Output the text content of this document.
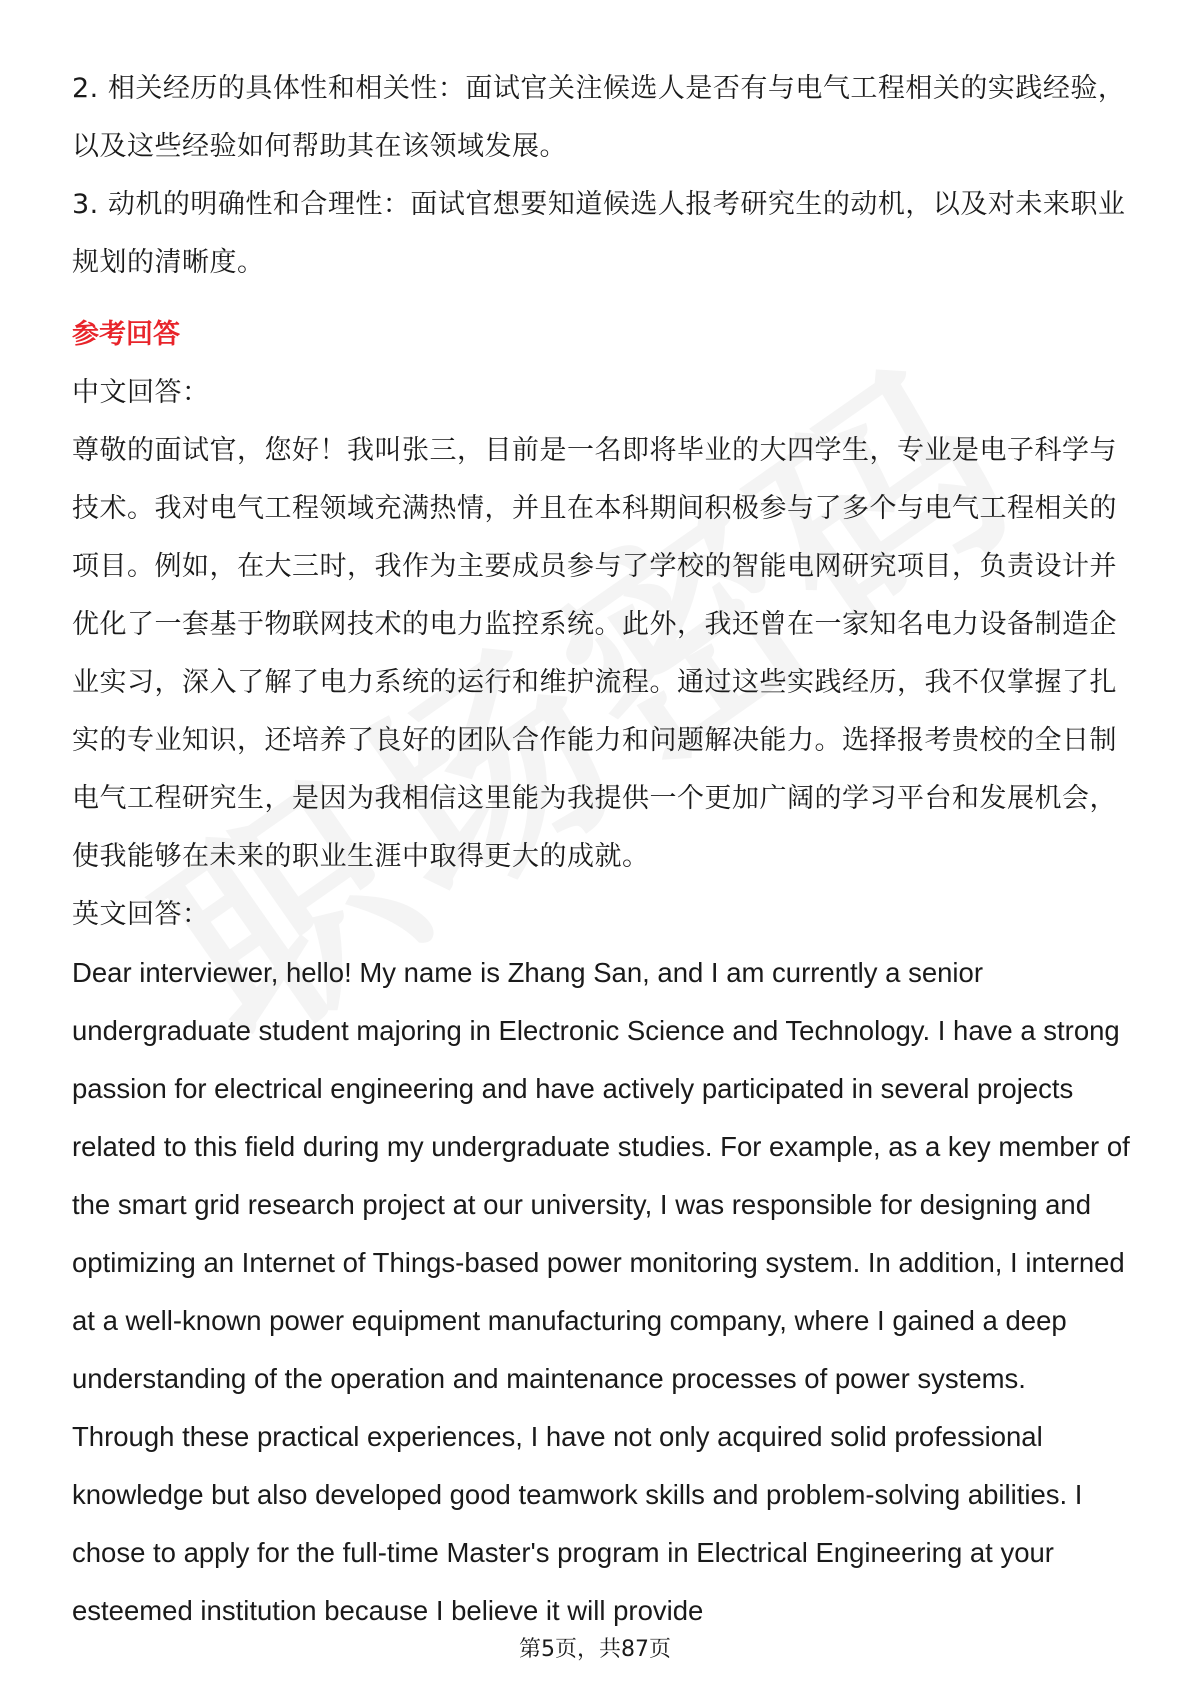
2. 相关经历的具体性和相关性：面试官关注候选人是否有与电气工程相关的实践经验，以及这些经验如何帮助其在该领域发展。

3. 动机的明确性和合理性：面试官想要知道候选人报考研究生的动机，以及对未来职业规划的清晰度。

参考回答

中文回答：

尊敬的面试官，您好！我叫张三，目前是一名即将毕业的大四学生，专业是电子科学与技术。我对电气工程领域充满热情，并且在本科期间积极参与了多个与电气工程相关的项目。例如，在大三时，我作为主要成员参与了学校的智能电网研究项目，负责设计并优化了一套基于物联网技术的电力监控系统。此外，我还曾在一家知名电力设备制造企业实习，深入了解了电力系统的运行和维护流程。通过这些实践经历，我不仅掌握了扎实的专业知识，还培养了良好的团队合作能力和问题解决能力。选择报考贵校的全日制电气工程研究生，是因为我相信这里能为我提供一个更加广阔的学习平台和发展机会，使我能够在未来的职业生涯中取得更大的成就。

英文回答：

Dear interviewer, hello! My name is Zhang San, and I am currently a senior undergraduate student majoring in Electronic Science and Technology. I have a strong passion for electrical engineering and have actively participated in several projects related to this field during my undergraduate studies. For example, as a key member of the smart grid research project at our university, I was responsible for designing and optimizing an Internet of Things-based power monitoring system. In addition, I interned at a well-known power equipment manufacturing company, where I gained a deep understanding of the operation and maintenance processes of power systems. Through these practical experiences, I have not only acquired solid professional knowledge but also developed good teamwork skills and problem-solving abilities. I chose to apply for the full-time Master's program in Electrical Engineering at your esteemed institution because I believe it will provide

第5页，共87页
